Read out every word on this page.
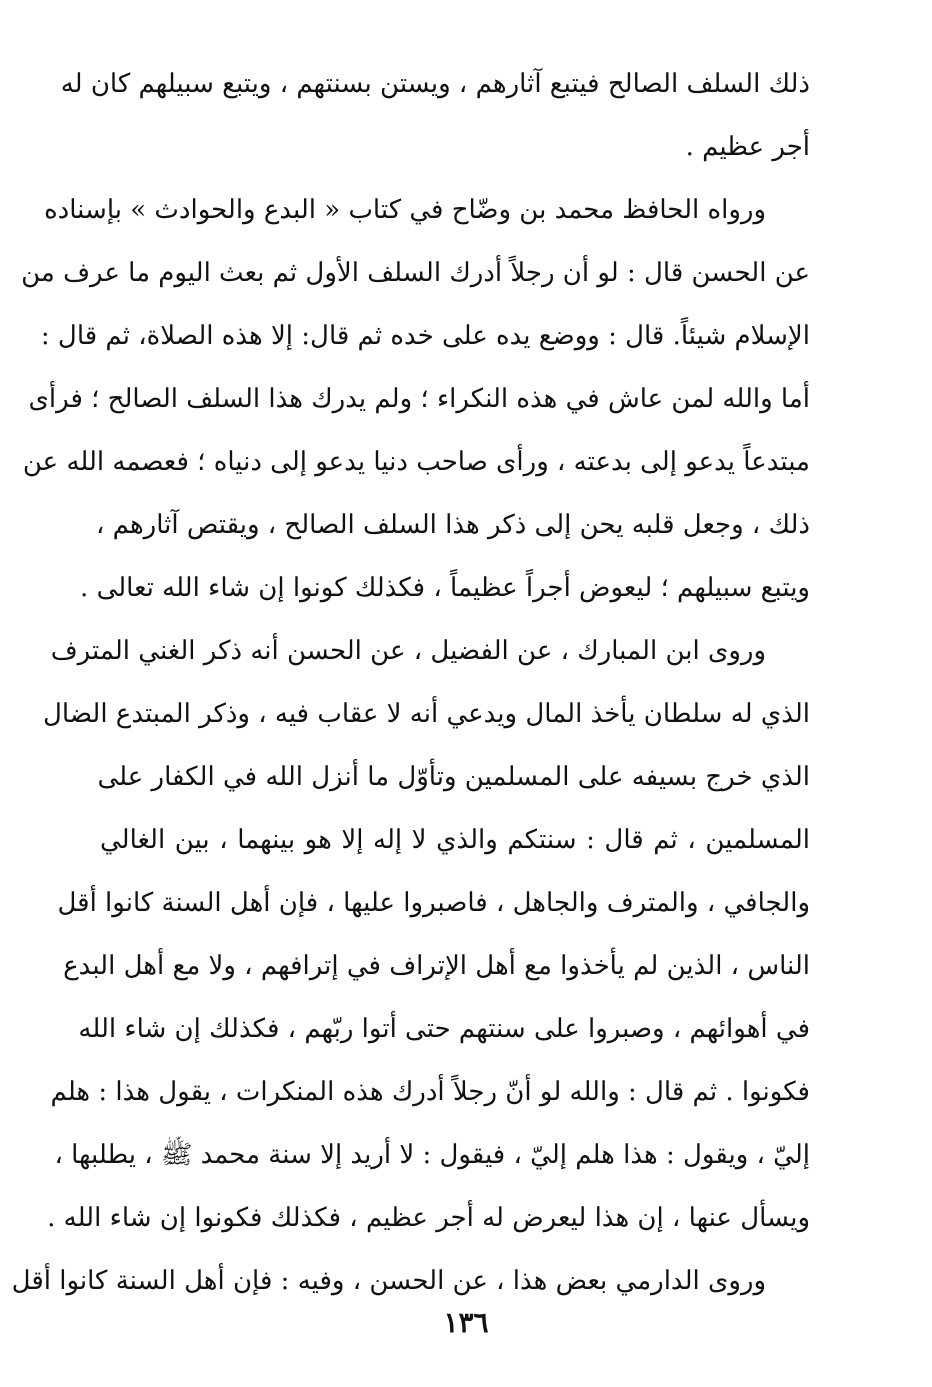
ذلك السلف الصالح فيتبع آثارهم ، ويستن بسنتهم ، ويتبع سبيلهم كان له
أجر عظيم .
ورواه الحافظ محمد بن وضّاح في كتاب « البدع والحوادث » بإسناده
عن الحسن قال : لو أن رجلاً أدرك السلف الأول ثم بعث اليوم ما عرف من
الإسلام شيئاً. قال : ووضع يده على خده ثم قال: إلا هذه الصلاة، ثم قال :
أما والله لمن عاش في هذه النكراء ؛ ولم يدرك هذا السلف الصالح ؛ فرأى
مبتدعاً يدعو إلى بدعته ، ورأى صاحب دنيا يدعو إلى دنياه ؛ فعصمه الله عن
ذلك ، وجعل قلبه يحن إلى ذكر هذا السلف الصالح ، ويقتص آثارهم ،
ويتبع سبيلهم ؛ ليعوض أجراً عظيماً ، فكذلك كونوا إن شاء الله تعالى .
وروى ابن المبارك ، عن الفضيل ، عن الحسن أنه ذكر الغني المترف
الذي له سلطان يأخذ المال ويدعي أنه لا عقاب فيه ، وذكر المبتدع الضال
الذي خرج بسيفه على المسلمين وتأوّل ما أنزل الله في الكفار على
المسلمين ، ثم قال : سنتكم والذي لا إله إلا هو بينهما ، بين الغالي
والجافي ، والمترف والجاهل ، فاصبروا عليها ، فإن أهل السنة كانوا أقل
الناس ، الذين لم يأخذوا مع أهل الإتراف في إترافهم ، ولا مع أهل البدع
في أهوائهم ، وصبروا على سنتهم حتى أتوا ربّهم ، فكذلك إن شاء الله
فكونوا . ثم قال : والله لو أنّ رجلاً أدرك هذه المنكرات ، يقول هذا : هلم
إليّ ، ويقول : هذا هلم إليّ ، فيقول : لا أريد إلا سنة محمد ﷺ ، يطلبها ،
ويسأل عنها ، إن هذا ليعرض له أجر عظيم ، فكذلك فكونوا إن شاء الله .
وروى الدارمي بعض هذا ، عن الحسن ، وفيه : فإن أهل السنة كانوا أقل
١٣٦
